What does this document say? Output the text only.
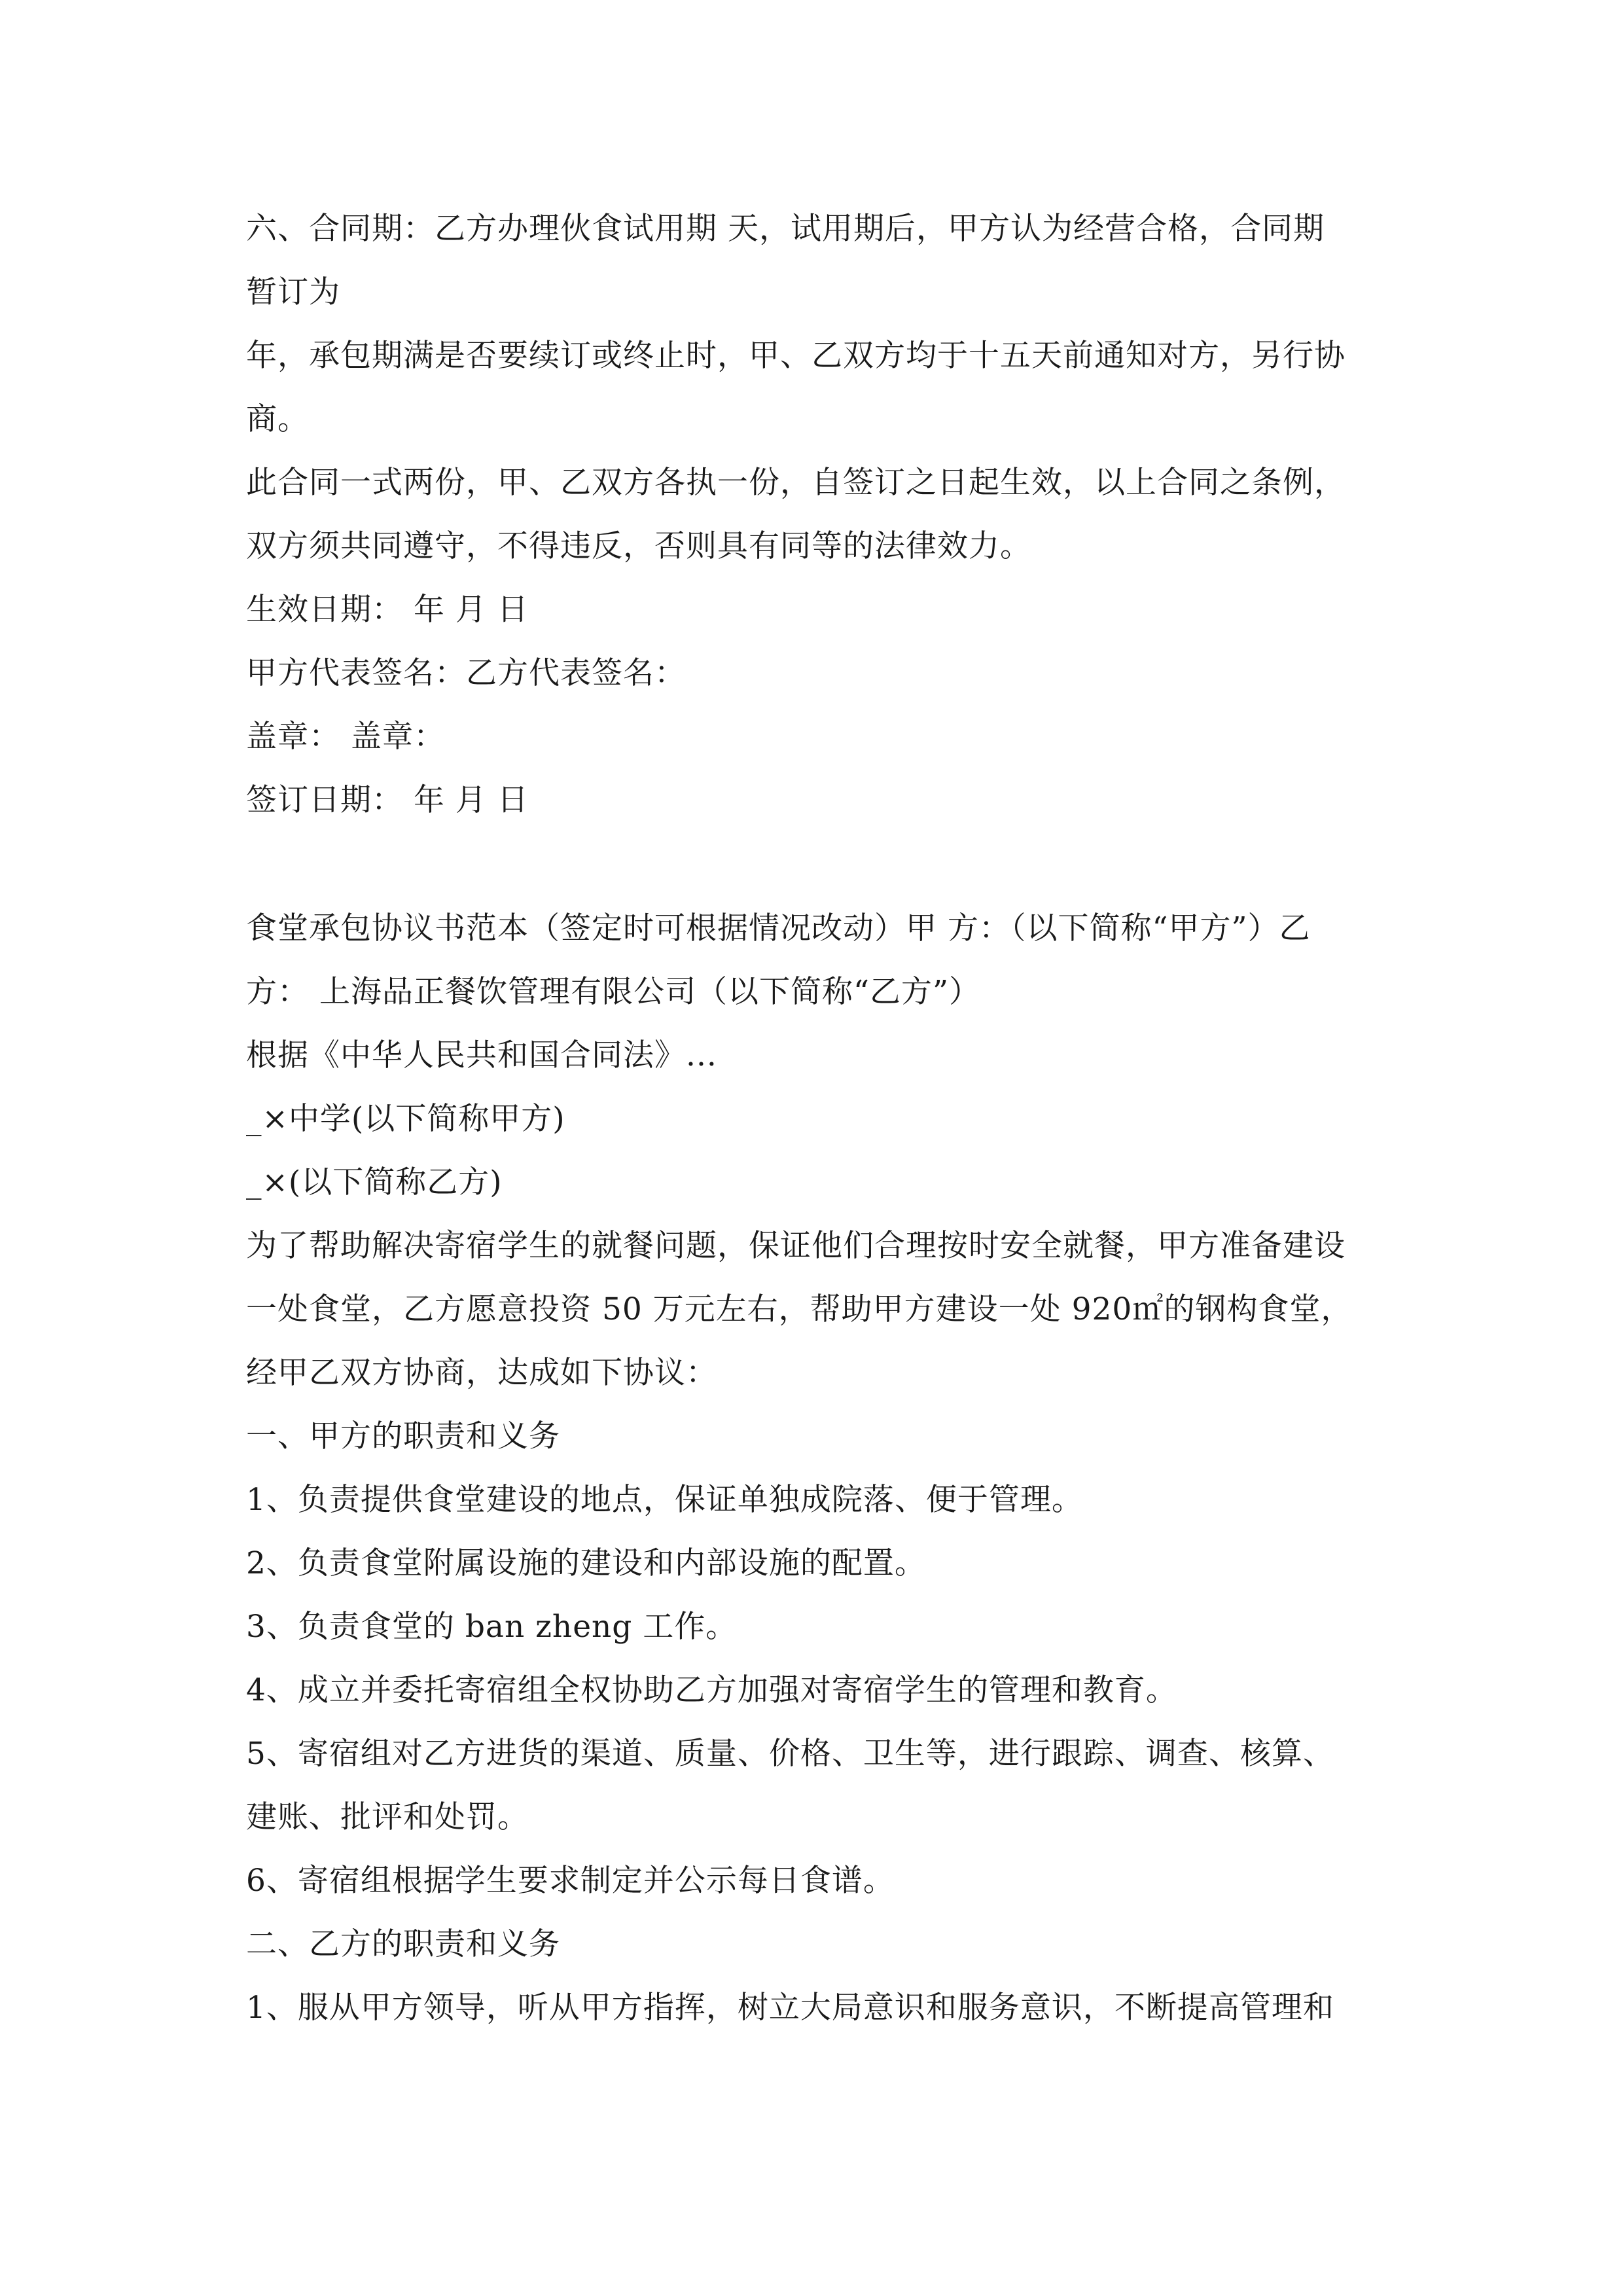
六、合同期：乙方办理伙食试用期 天，试用期后，甲方认为经营合格，合同期
暂订为
年，承包期满是否要续订或终止时，甲、乙双方均于十五天前通知对方，另行协
商。
此合同一式两份，甲、乙双方各执一份，自签订之日起生效，以上合同之条例，
双方须共同遵守，不得违反，否则具有同等的法律效力。
生效日期： 年 月 日
甲方代表签名：乙方代表签名：
盖章： 盖章：
签订日期： 年 月 日
食堂承包协议书范本（签定时可根据情况改动）甲 方：（以下简称“甲方”）乙
方： 上海品正餐饮管理有限公司（以下简称“乙方”）
根据《中华人民共和国合同法》...
_×中学(以下简称甲方)
_×(以下简称乙方)
为了帮助解决寄宿学生的就餐问题，保证他们合理按时安全就餐，甲方准备建设
一处食堂，乙方愿意投资 50 万元左右，帮助甲方建设一处 920㎡的钢构食堂，
经甲乙双方协商，达成如下协议：
一、甲方的职责和义务
1、负责提供食堂建设的地点，保证单独成院落、便于管理。
2、负责食堂附属设施的建设和内部设施的配置。
3、负责食堂的 ban zheng 工作。
4、成立并委托寄宿组全权协助乙方加强对寄宿学生的管理和教育。
5、寄宿组对乙方进货的渠道、质量、价格、卫生等，进行跟踪、调查、核算、
建账、批评和处罚。
6、寄宿组根据学生要求制定并公示每日食谱。
二、乙方的职责和义务
1、服从甲方领导，听从甲方指挥，树立大局意识和服务意识，不断提高管理和
